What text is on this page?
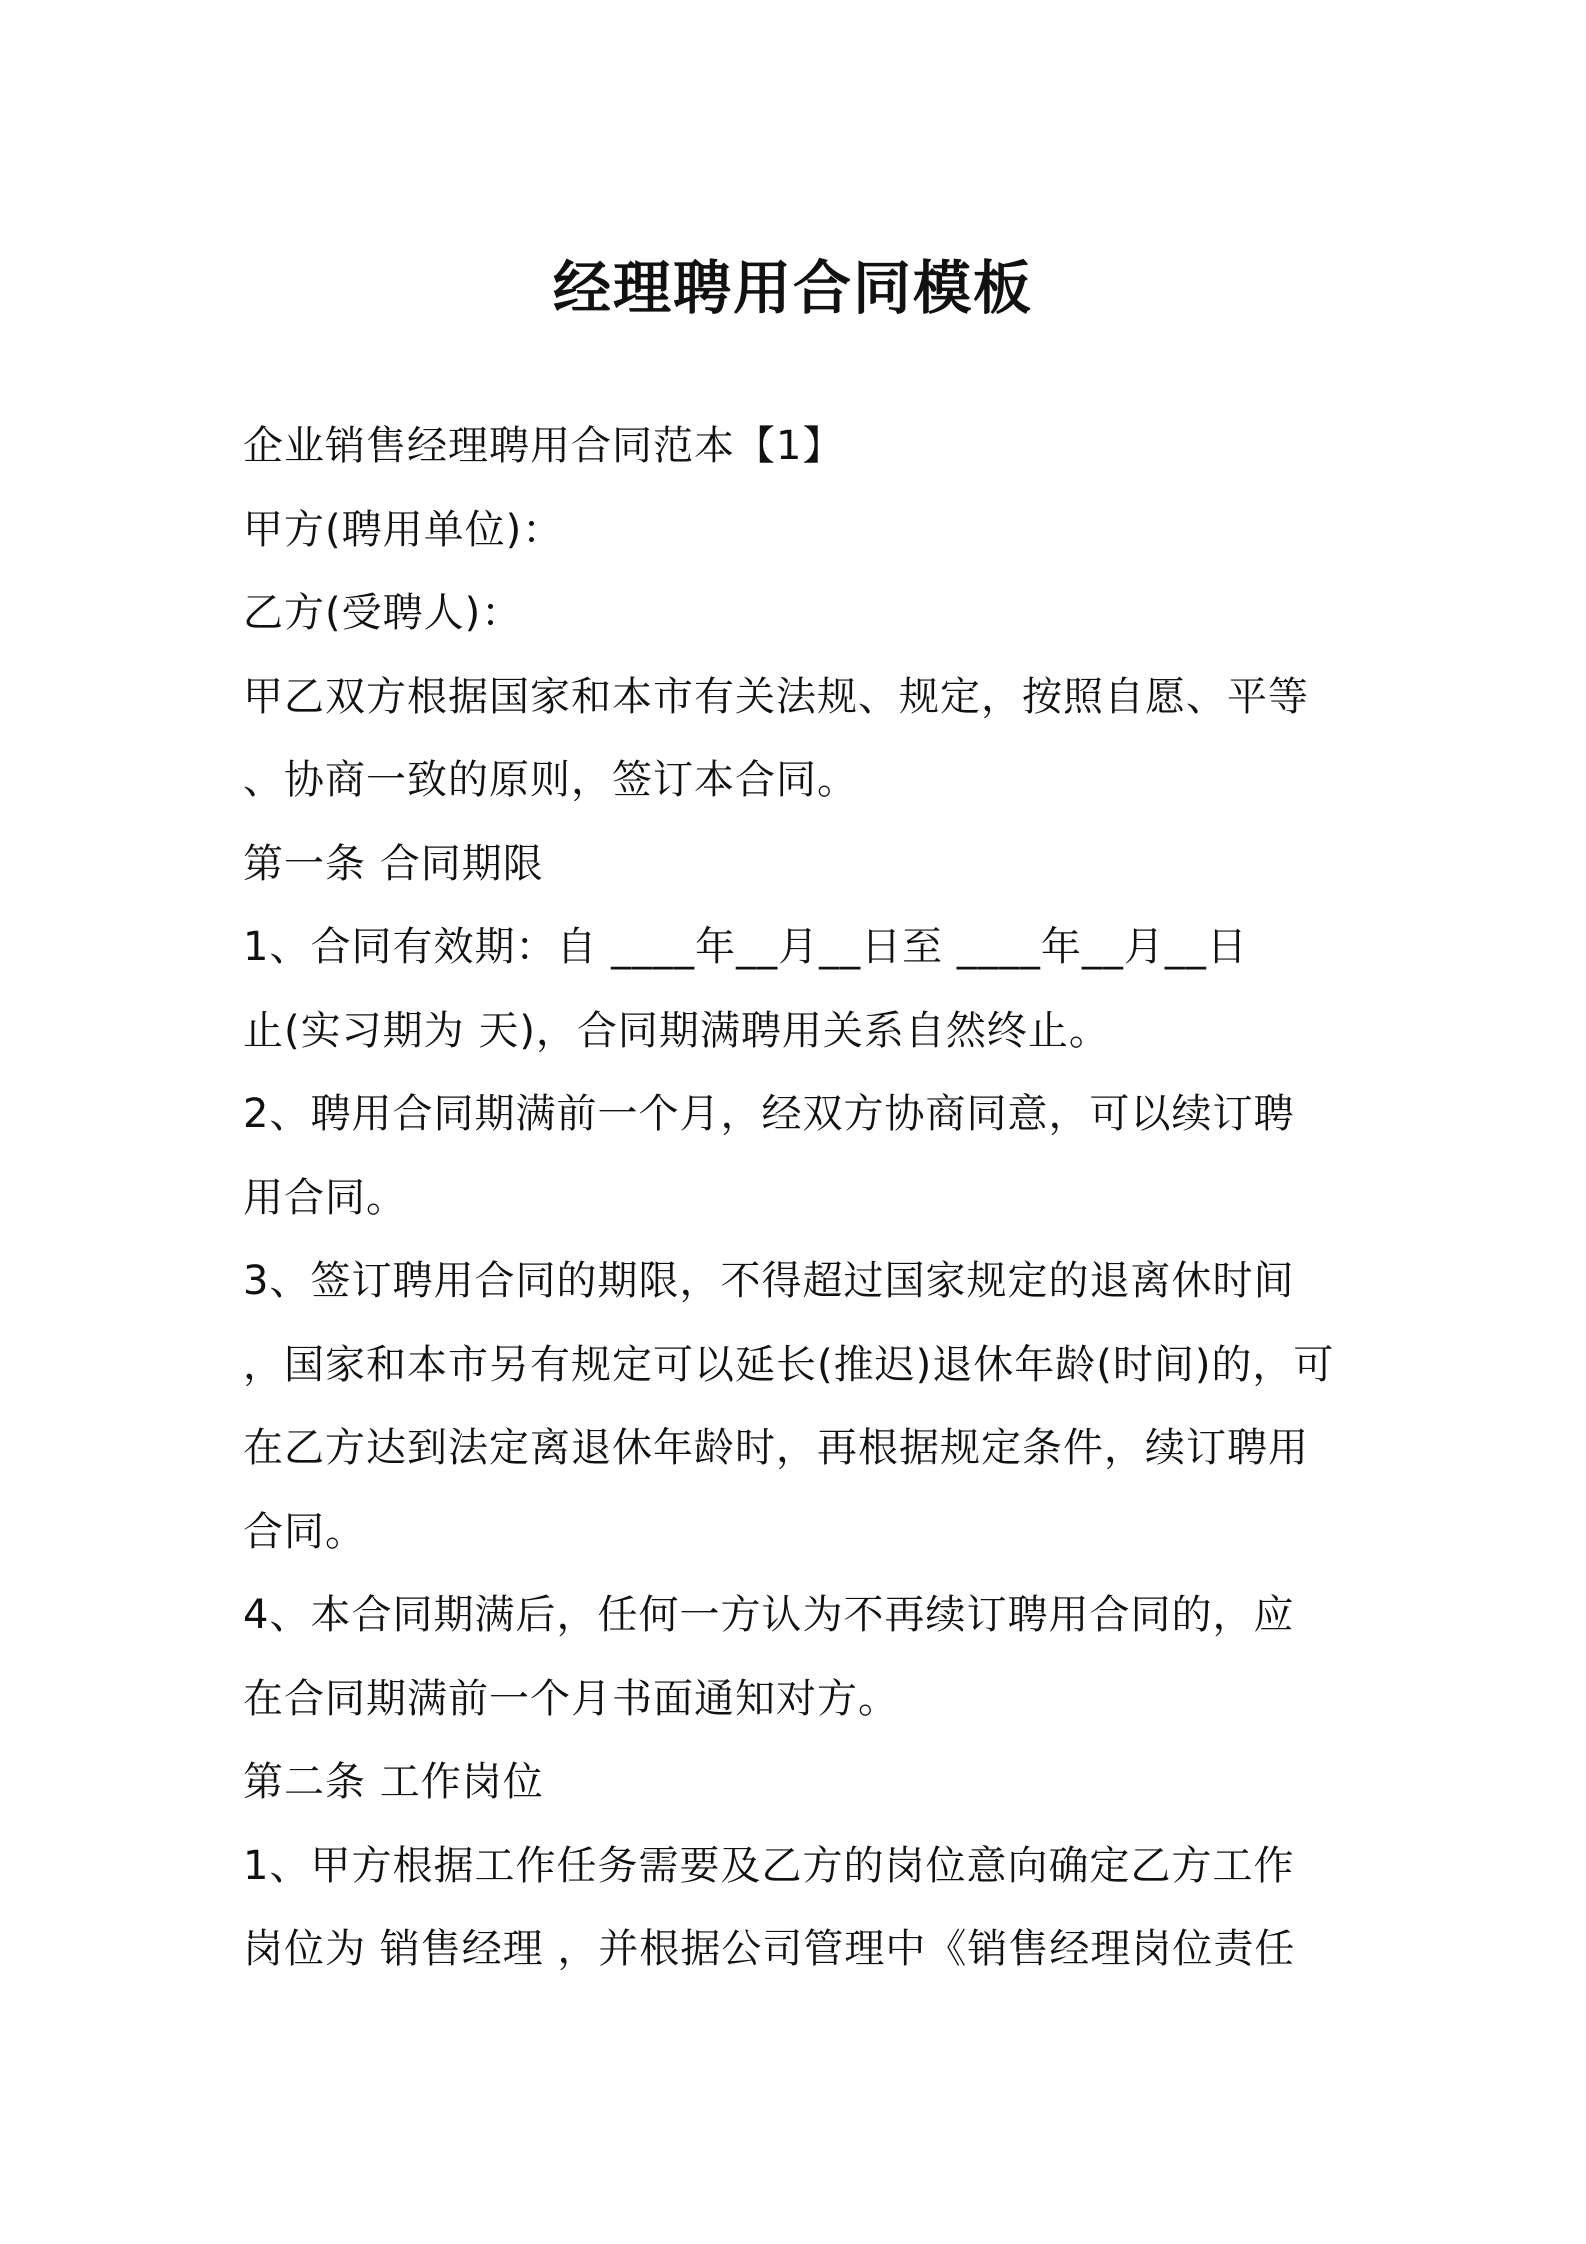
经理聘用合同模板
企业销售经理聘用合同范本【1】
甲方(聘用单位)：
乙方(受聘人)：
甲乙双方根据国家和本市有关法规、规定，按照自愿、平等
、协商一致的原则，签订本合同。
第一条 合同期限
1、合同有效期：自 ____年__月__日至 ____年__月__日
止(实习期为 天)，合同期满聘用关系自然终止。
2、聘用合同期满前一个月，经双方协商同意，可以续订聘
用合同。
3、签订聘用合同的期限，不得超过国家规定的退离休时间
，国家和本市另有规定可以延长(推迟)退休年龄(时间)的，可
在乙方达到法定离退休年龄时，再根据规定条件，续订聘用
合同。
4、本合同期满后，任何一方认为不再续订聘用合同的，应
在合同期满前一个月书面通知对方。
第二条 工作岗位
1、甲方根据工作任务需要及乙方的岗位意向确定乙方工作
岗位为 销售经理 ，并根据公司管理中《销售经理岗位责任
